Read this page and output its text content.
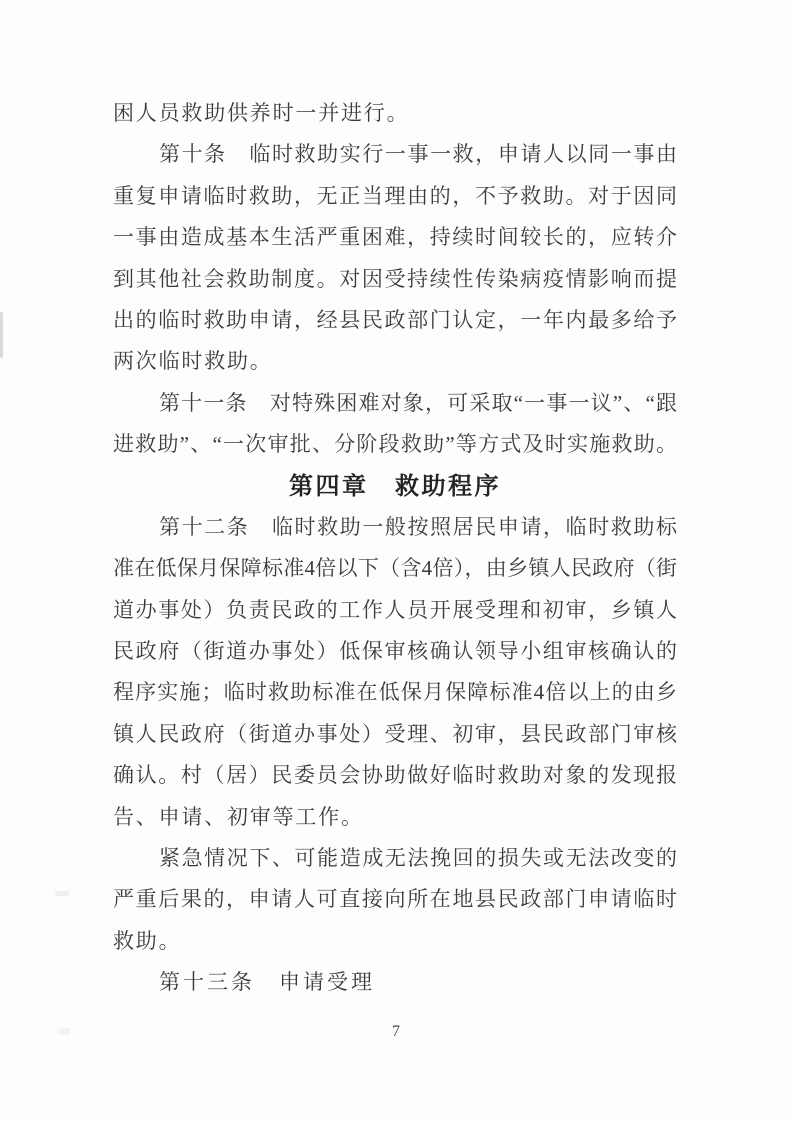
困人员救助供养时一并进行。
第十条　临时救助实行一事一救，申请人以同一事由
重复申请临时救助，无正当理由的，不予救助。对于因同
一事由造成基本生活严重困难，持续时间较长的，应转介
到其他社会救助制度。对因受持续性传染病疫情影响而提
出的临时救助申请，经县民政部门认定，一年内最多给予
两次临时救助。
第十一条　对特殊困难对象，可采取“一事一议”、“跟
进救助”、“一次审批、分阶段救助”等方式及时实施救助。
第四章　救助程序
第十二条　临时救助一般按照居民申请，临时救助标
准在低保月保障标准4倍以下（含4倍），由乡镇人民政府（街
道办事处）负责民政的工作人员开展受理和初审，乡镇人
民政府（街道办事处）低保审核确认领导小组审核确认的
程序实施；临时救助标准在低保月保障标准4倍以上的由乡
镇人民政府（街道办事处）受理、初审，县民政部门审核
确认。村（居）民委员会协助做好临时救助对象的发现报
告、申请、初审等工作。
紧急情况下、可能造成无法挽回的损失或无法改变的
严重后果的，申请人可直接向所在地县民政部门申请临时
救助。
第十三条　申请受理
7
